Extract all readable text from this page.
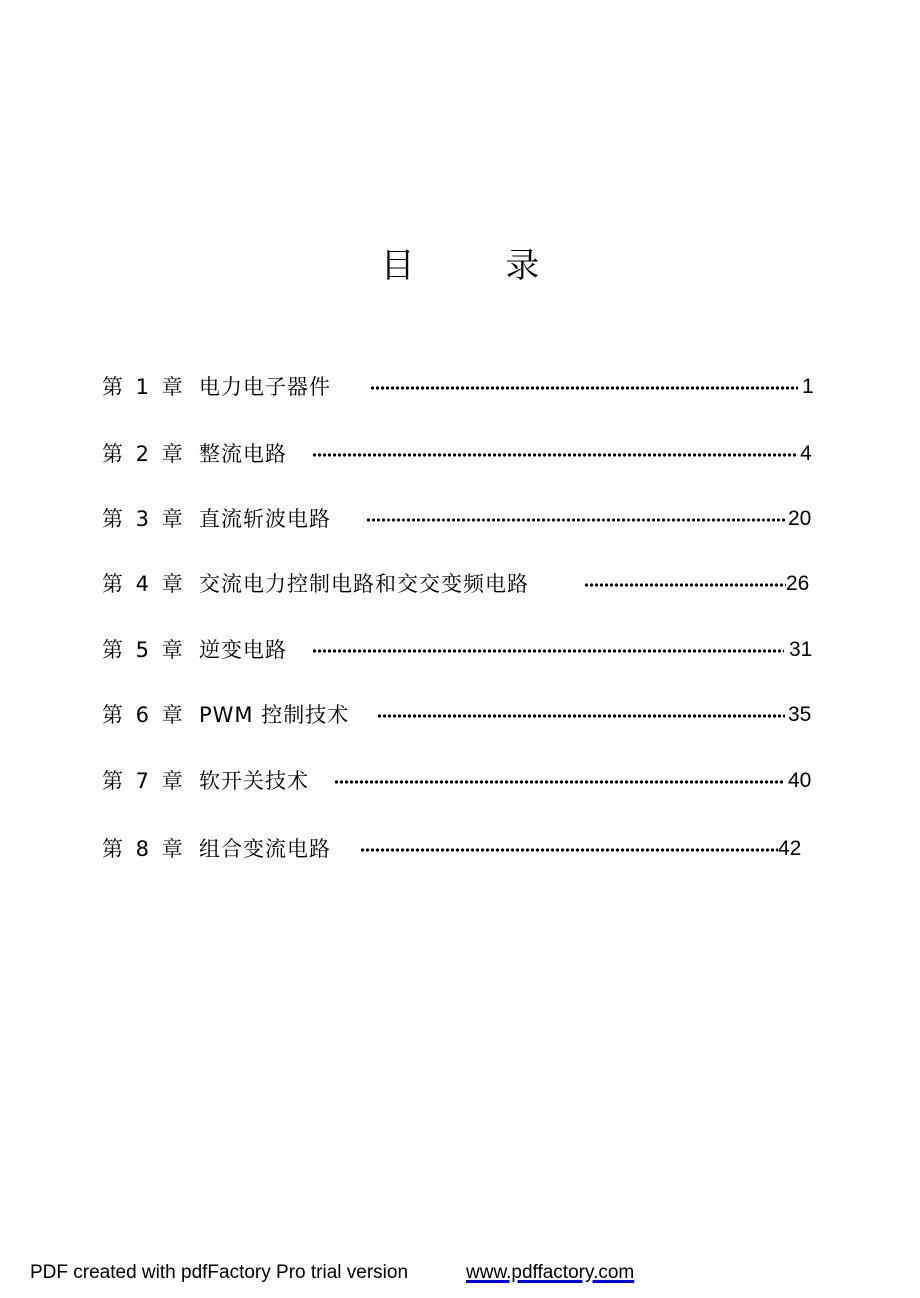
目 录
第 1 章 电力电子器件	1
第 2 章 整流电路	4
第 3 章 直流斩波电路	20
第 4 章 交流电力控制电路和交交变频电路	26
第 5 章 逆变电路	31
第 6 章 PWM 控制技术	35
第 7 章 软开关技术	40
第 8 章 组合变流电路	42
PDF created with pdfFactory Pro trial version	www.pdffactory.com
